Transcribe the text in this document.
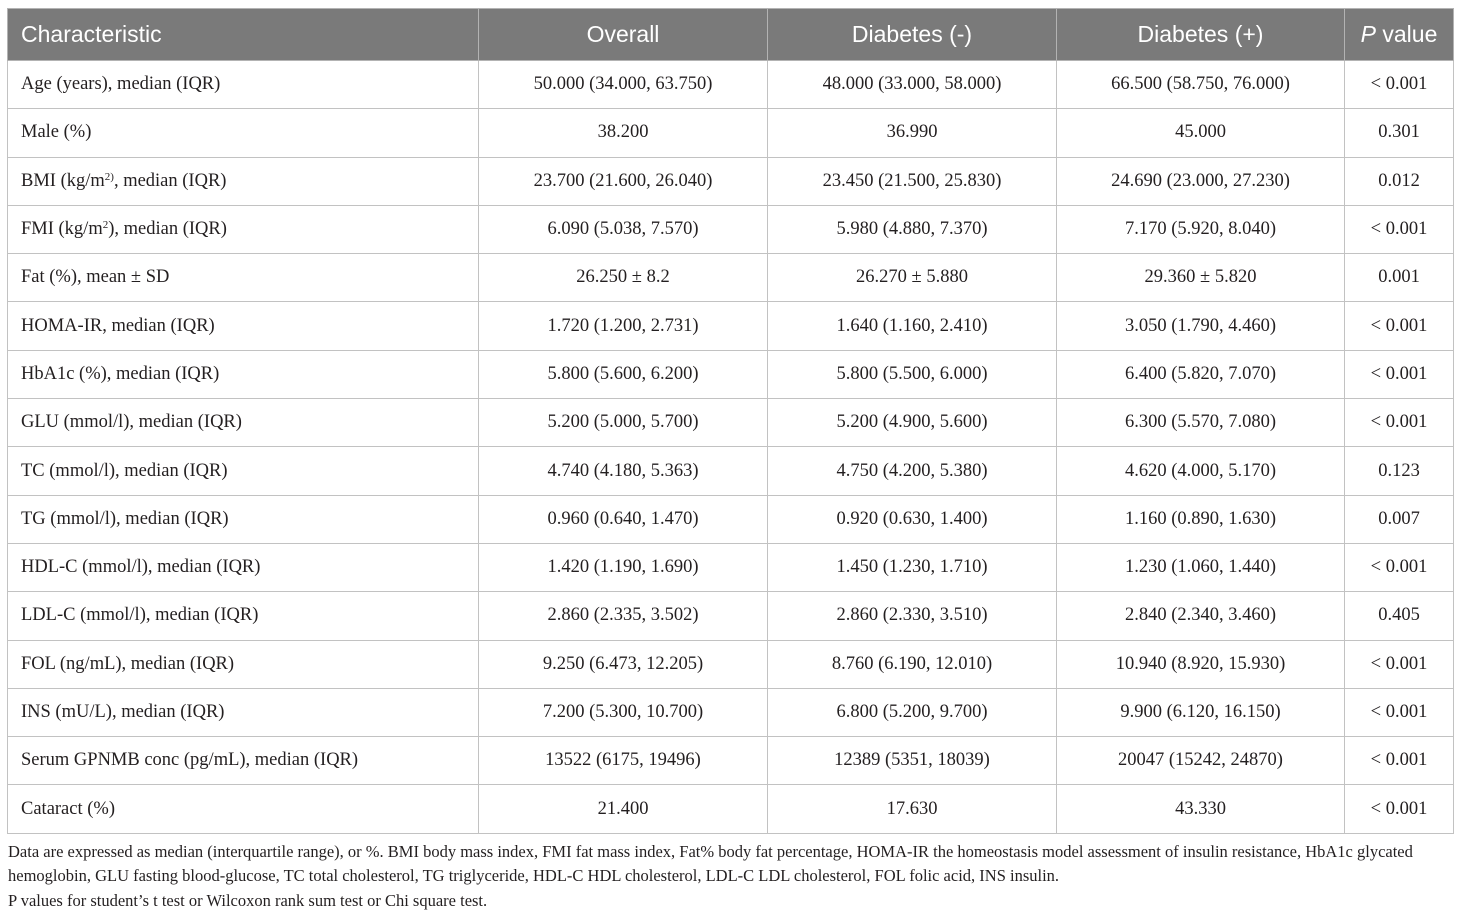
Characteristic	Overall	Diabetes (-)	Diabetes (+)	P value
Age (years), median (IQR)	50.000 (34.000, 63.750)	48.000 (33.000, 58.000)	66.500 (58.750, 76.000)	< 0.001
Male (%)	38.200	36.990	45.000	0.301
BMI ($kg/m^{2)}$, median (IQR)	23.700 (21.600, 26.040)	23.450 (21.500, 25.830)	24.690 (23.000, 27.230)	0.012
FMI $(kg/m^2)$, median (IQR)	6.090 (5.038, 7.570)	5.980 (4.880, 7.370)	7.170 (5.920, 8.040)	< 0.001
Fat (%), mean ± SD	26.250 ± 8.2	26.270 ± 5.880	29.360 ± 5.820	0.001
HOMA-IR, median (IQR)	1.720 (1.200, 2.731)	1.640 (1.160, 2.410)	3.050 (1.790, 4.460)	< 0.001
HbA1c (%), median (IQR)	5.800 (5.600, 6.200)	5.800 (5.500, 6.000)	6.400 (5.820, 7.070)	< 0.001
GLU (mmol/l), median (IQR)	5.200 (5.000, 5.700)	5.200 (4.900, 5.600)	6.300 (5.570, 7.080)	< 0.001
TC (mmol/l), median (IQR)	4.740 (4.180, 5.363)	4.750 (4.200, 5.380)	4.620 (4.000, 5.170)	0.123
TG (mmol/l), median (IQR)	0.960 (0.640, 1.470)	0.920 (0.630, 1.400)	1.160 (0.890, 1.630)	0.007
HDL-C (mmol/l), median (IQR)	1.420 (1.190, 1.690)	1.450 (1.230, 1.710)	1.230 (1.060, 1.440)	< 0.001
LDL-C (mmol/l), median (IQR)	2.860 (2.335, 3.502)	2.860 (2.330, 3.510)	2.840 (2.340, 3.460)	0.405
FOL (ng/mL), median (IQR)	9.250 (6.473, 12.205)	8.760 (6.190, 12.010)	10.940 (8.920, 15.930)	< 0.001
INS (mU/L), median (IQR)	7.200 (5.300, 10.700)	6.800 (5.200, 9.700)	9.900 (6.120, 16.150)	< 0.001
Serum GPNMB conc (pg/mL), median (IQR)	13522 (6175, 19496)	12389 (5351, 18039)	20047 (15242, 24870)	< 0.001
Cataract (%)	21.400	17.630	43.330	< 0.001

Data are expressed as median (interquartile range), or %. BMI body mass index, FMI fat mass index, Fat% body fat percentage, HOMA-IR the homeostasis model assessment of insulin resistance, HbA1c glycated hemoglobin, GLU fasting blood-glucose, TC total cholesterol, TG triglyceride, HDL-C HDL cholesterol, LDL-C LDL cholesterol, FOL folic acid, INS insulin.

P values for student’s t test or Wilcoxon rank sum test or Chi square test.
